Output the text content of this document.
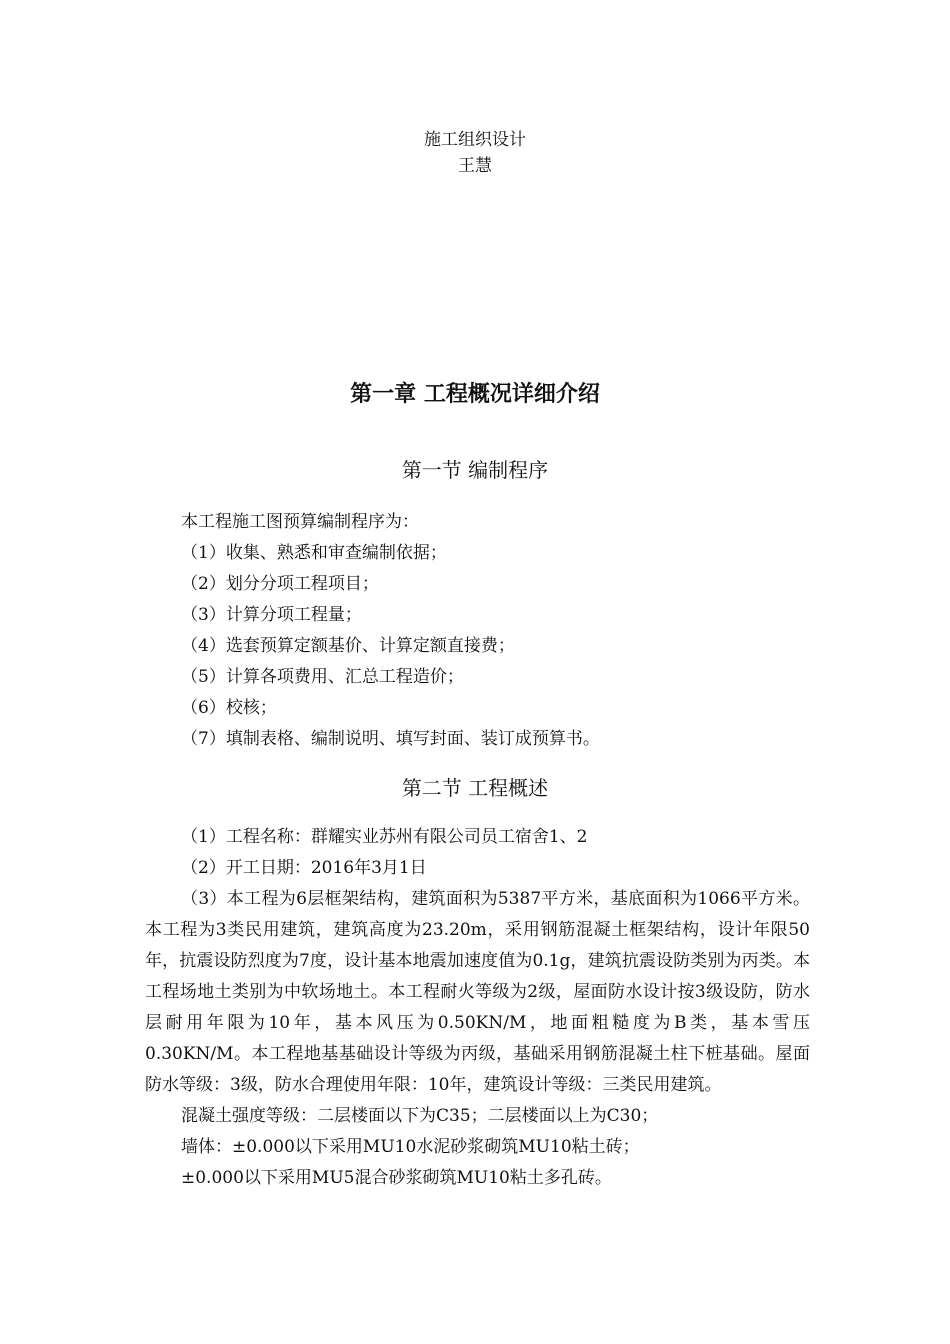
施工组织设计
王慧
第一章 工程概况详细介绍
第一节 编制程序
本工程施工图预算编制程序为：
（1）收集、熟悉和审查编制依据；
（2）划分分项工程项目；
（3）计算分项工程量；
（4）选套预算定额基价、计算定额直接费；
（5）计算各项费用、汇总工程造价；
（6）校核；
（7）填制表格、编制说明、填写封面、装订成预算书。
第二节 工程概述
（1）工程名称：群耀实业苏州有限公司员工宿舍1、2
（2）开工日期：2016年3月1日
（3）本工程为6层框架结构，建筑面积为5387平方米，基底面积为1066平方米。本工程为3类民用建筑，建筑高度为23.20m，采用钢筋混凝土框架结构，设计年限50年，抗震设防烈度为7度，设计基本地震加速度值为0.1g，建筑抗震设防类别为丙类。本工程场地土类别为中软场地土。本工程耐火等级为2级，屋面防水设计按3级设防，防水层耐用年限为10年，基本风压为0.50KN/M，地面粗糙度为B类，基本雪压0.30KN/M。本工程地基基础设计等级为丙级，基础采用钢筋混凝土柱下桩基础。屋面防水等级：3级，防水合理使用年限：10年，建筑设计等级：三类民用建筑。
混凝土强度等级：二层楼面以下为C35；二层楼面以上为C30；
墙体：±0.000以下采用MU10水泥砂浆砌筑MU10粘土砖；
±0.000以下采用MU5混合砂浆砌筑MU10粘土多孔砖。
